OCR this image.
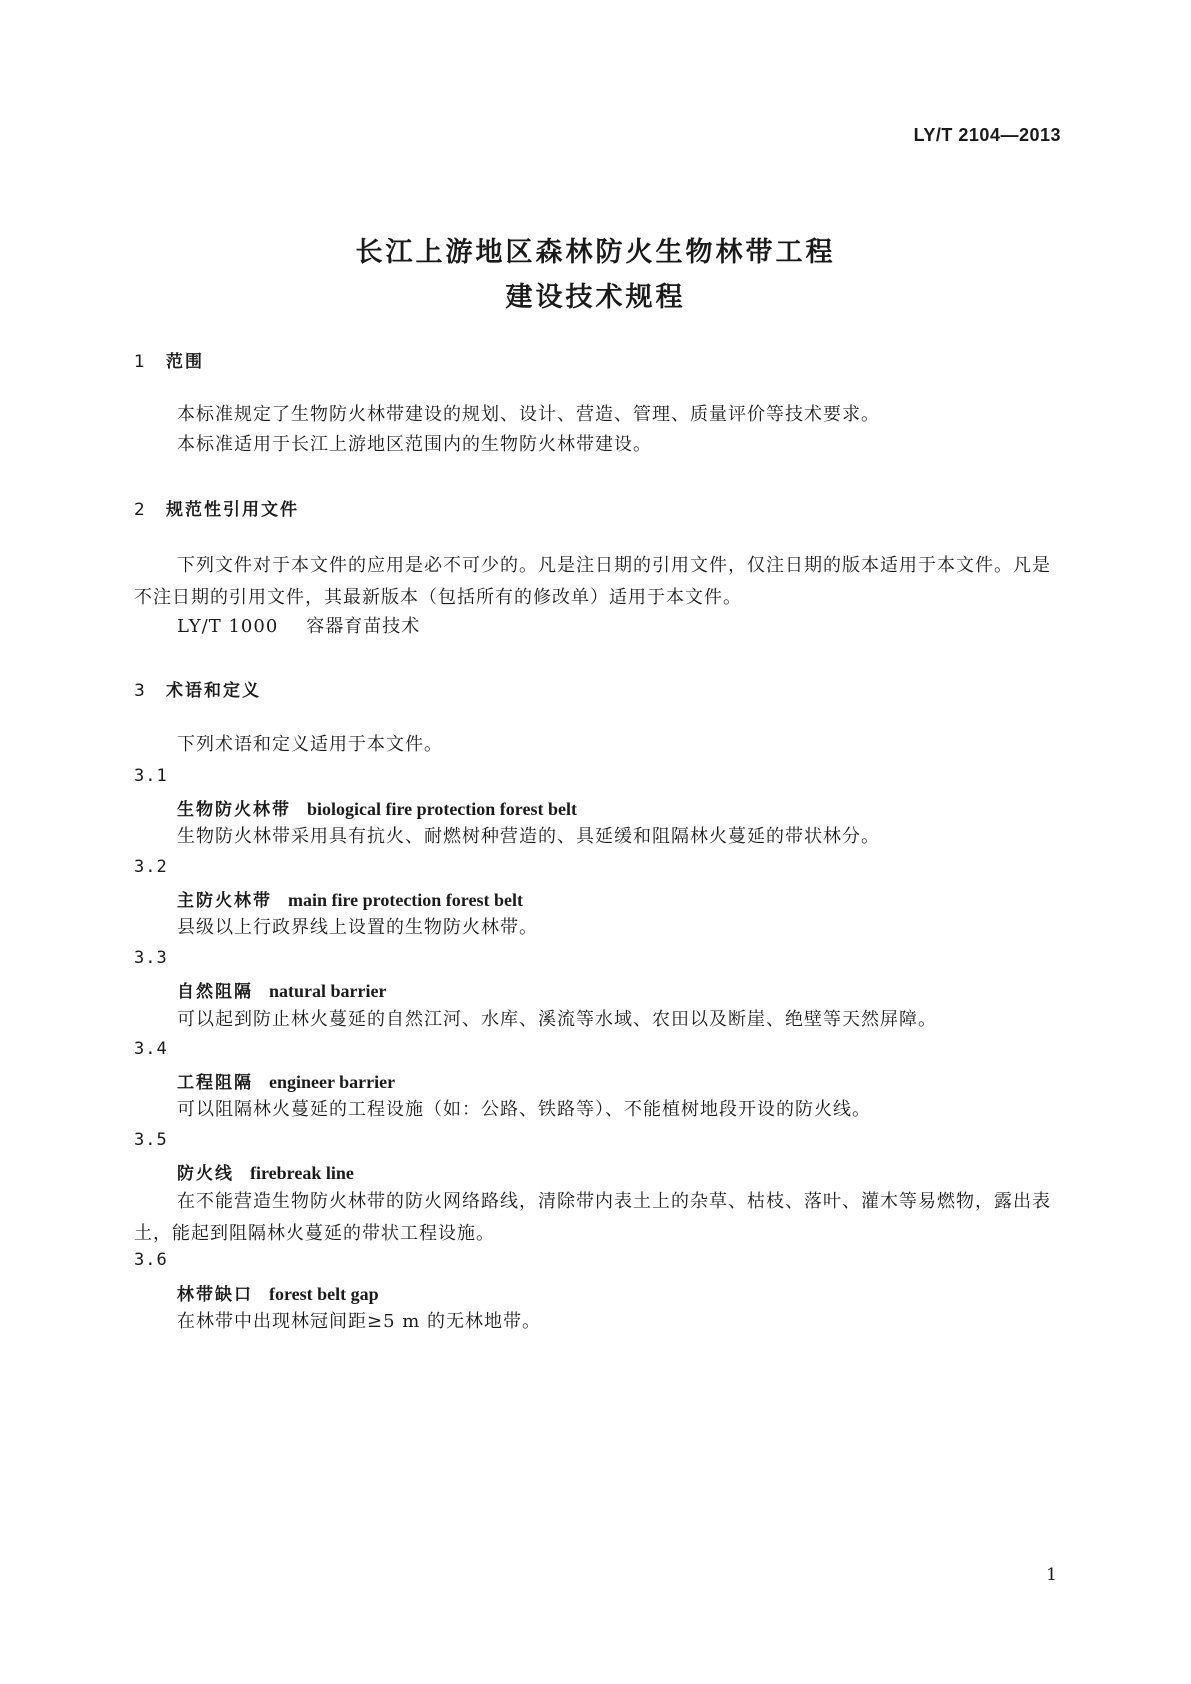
LY/T 2104—2013
长江上游地区森林防火生物林带工程
建设技术规程
1 范围
本标准规定了生物防火林带建设的规划、设计、营造、管理、质量评价等技术要求。
本标准适用于长江上游地区范围内的生物防火林带建设。
2 规范性引用文件
下列文件对于本文件的应用是必不可少的。凡是注日期的引用文件，仅注日期的版本适用于本文件。凡是不注日期的引用文件，其最新版本（包括所有的修改单）适用于本文件。
LY/T 1000 容器育苗技术
3 术语和定义
下列术语和定义适用于本文件。
3.1
生物防火林带 biological fire protection forest belt
生物防火林带采用具有抗火、耐燃树种营造的、具延缓和阻隔林火蔓延的带状林分。
3.2
主防火林带 main fire protection forest belt
县级以上行政界线上设置的生物防火林带。
3.3
自然阻隔 natural barrier
可以起到防止林火蔓延的自然江河、水库、溪流等水域、农田以及断崖、绝壁等天然屏障。
3.4
工程阻隔 engineer barrier
可以阻隔林火蔓延的工程设施（如：公路、铁路等）、不能植树地段开设的防火线。
3.5
防火线 firebreak line
在不能营造生物防火林带的防火网络路线，清除带内表土上的杂草、枯枝、落叶、灌木等易燃物，露出表土，能起到阻隔林火蔓延的带状工程设施。
3.6
林带缺口 forest belt gap
在林带中出现林冠间距≥5 m 的无林地带。
1
